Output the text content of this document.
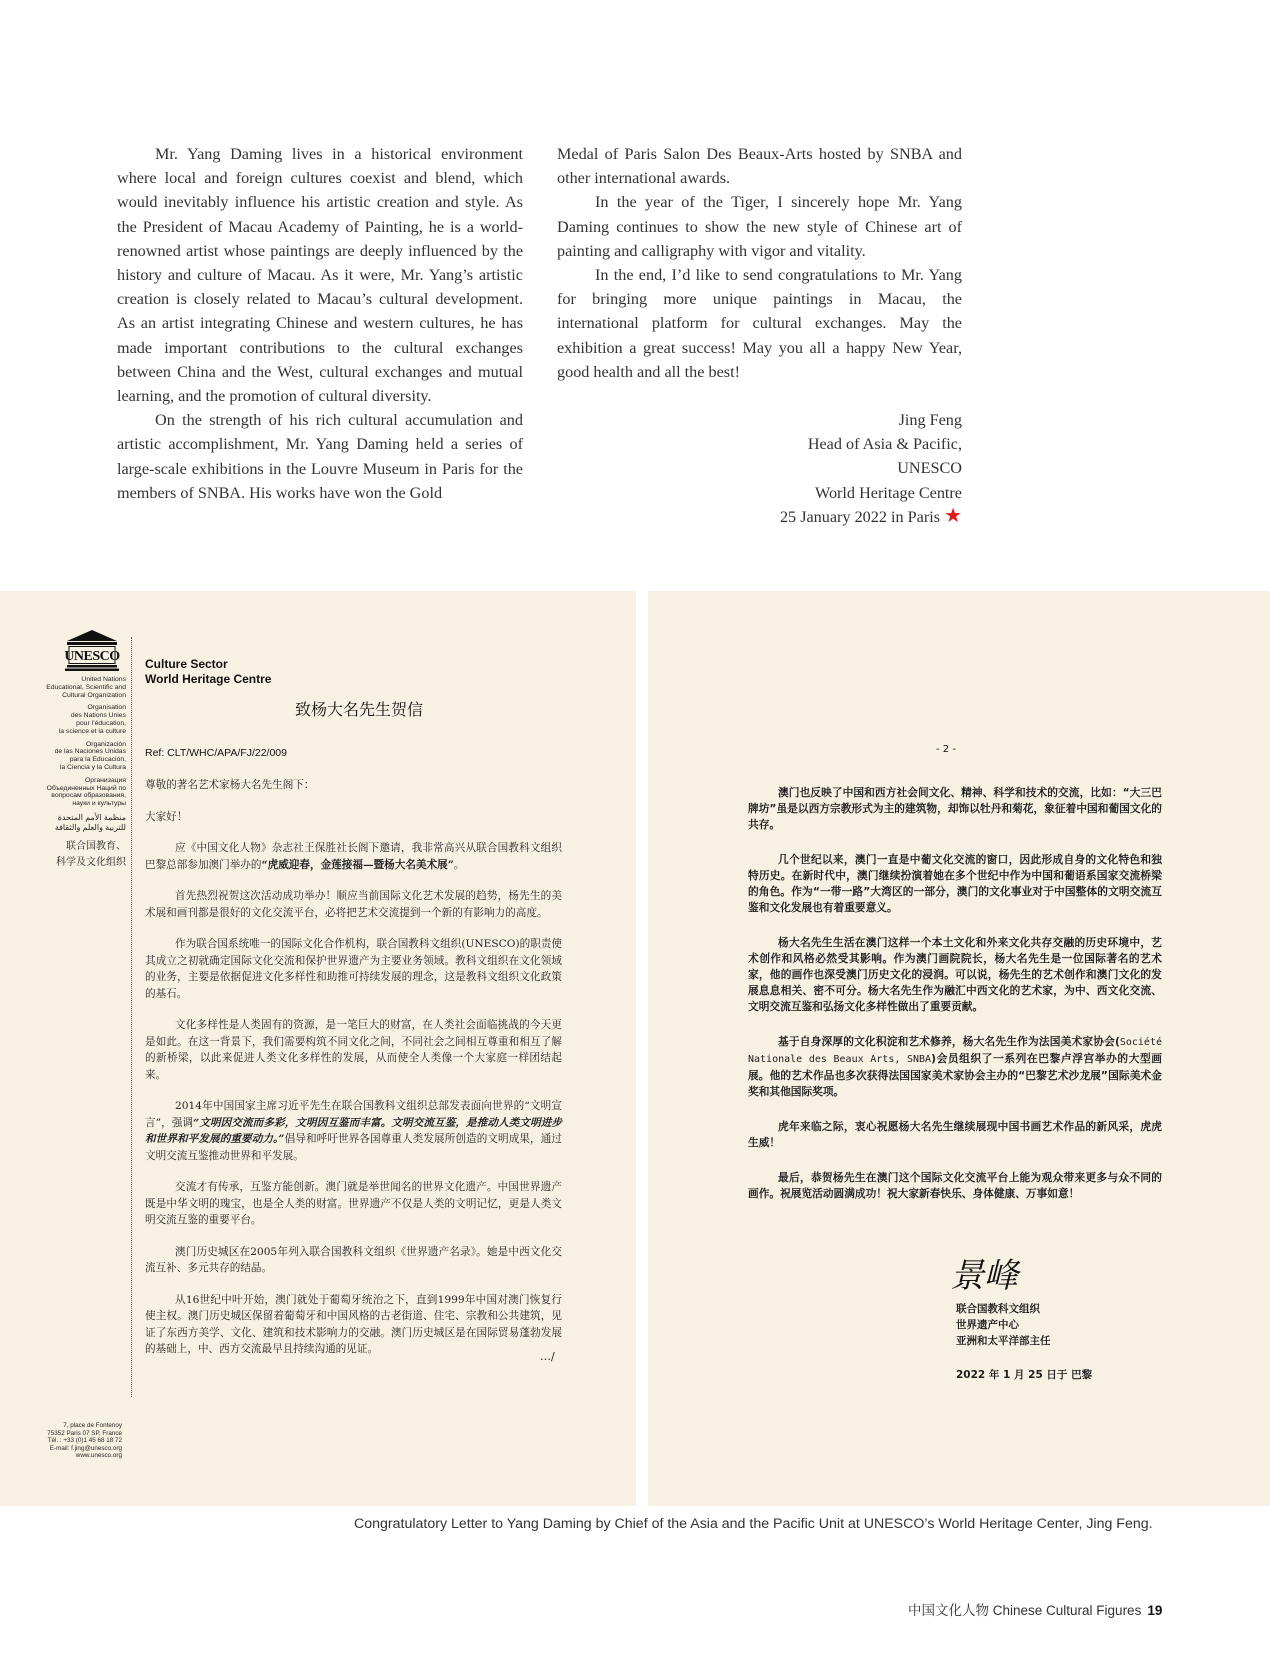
Mr. Yang Daming lives in a historical environment where local and foreign cultures coexist and blend, which would inevitably influence his artistic creation and style. As the President of Macau Academy of Painting, he is a world-renowned artist whose paintings are deeply influenced by the history and culture of Macau. As it were, Mr. Yang’s artistic creation is closely related to Macau’s cultural development. As an artist integrating Chinese and western cultures, he has made important contributions to the cultural exchanges between China and the West, cultural exchanges and mutual learning, and the promotion of cultural diversity.

On the strength of his rich cultural accumulation and artistic accomplishment, Mr. Yang Daming held a series of large-scale exhibitions in the Louvre Museum in Paris for the members of SNBA. His works have won the Gold

Medal of Paris Salon Des Beaux-Arts hosted by SNBA and other international awards.

In the year of the Tiger, I sincerely hope Mr. Yang Daming continues to show the new style of Chinese art of painting and calligraphy with vigor and vitality.

In the end, I’d like to send congratulations to Mr. Yang for bringing more unique paintings in Macau, the international platform for cultural exchanges. May the exhibition a great success! May you all a happy New Year, good health and all the best!

Jing Feng
Head of Asia & Pacific,
UNESCO
World Heritage Centre
25 January 2022 in Paris ★
UNESCO
United Nations
Educational, Scientific and
Cultural Organization
Organisation
des Nations Unies
pour l’éducation,
la science et la culture
Organización
de las Naciones Unidas
para la Educación,
la Ciencia y la Cultura
Организация
Объединенных Наций по
вопросам образования,
науки и культуры
منظمة الأمم المتحدة
للتربية والعلم والثقافة
联合国教育、
科学及文化组织
Culture Sector
World Heritage Centre
致杨大名先生贺信
Ref: CLT/WHC/APA/FJ/22/009

尊敬的著名艺术家杨大名先生阁下：

大家好！

应《中国文化人物》杂志社王保胜社长阁下邀请，我非常高兴从联合国教科文组织巴黎总部参加澳门举办的“虎威迎春，金莲接福—暨杨大名美术展”。

首先热烈祝贺这次活动成功举办！顺应当前国际文化艺术发展的趋势，杨先生的美术展和画刊都是很好的文化交流平台，必将把艺术交流提到一个新的有影响力的高度。

作为联合国系统唯一的国际文化合作机构，联合国教科文组织(UNESCO)的职责使其成立之初就确定国际文化交流和保护世界遗产为主要业务领域。教科文组织在文化领域的业务，主要是依据促进文化多样性和助推可持续发展的理念，这是教科文组织文化政策的基石。

文化多样性是人类固有的资源，是一笔巨大的财富，在人类社会面临挑战的今天更是如此。在这一背景下，我们需要构筑不同文化之间，不同社会之间相互尊重和相互了解的新桥梁，以此来促进人类文化多样性的发展，从而使全人类像一个大家庭一样团结起来。

2014年中国国家主席习近平先生在联合国教科文组织总部发表面向世界的“文明宣言”，强调“文明因交流而多彩，文明因互鉴而丰富。文明交流互鉴，是推动人类文明进步和世界和平发展的重要动力。”倡导和呼吁世界各国尊重人类发展所创造的文明成果，通过文明交流互鉴推动世界和平发展。

交流才有传承，互鉴方能创新。澳门就是举世闻名的世界文化遗产。中国世界遗产既是中华文明的瑰宝，也是全人类的财富。世界遗产不仅是人类的文明记忆，更是人类文明交流互鉴的重要平台。

澳门历史城区在2005年列入联合国教科文组织《世界遗产名录》。她是中西文化交流互补、多元共存的结晶。

从16世纪中叶开始，澳门就处于葡萄牙统治之下，直到1999年中国对澳门恢复行使主权。澳门历史城区保留着葡萄牙和中国风格的古老街道、住宅、宗教和公共建筑，见证了东西方美学、文化、建筑和技术影响力的交融。澳门历史城区是在国际贸易蓬勃发展的基础上，中、西方交流最早且持续沟通的见证。

…/
7, place de Fontenoy
75352 Paris 07 SP, France
Tél. : +33 (0)1 45 68 18 72
E-mail: f.jing@unesco.org
www.unesco.org
- 2 -

澳门也反映了中国和西方社会间文化、精神、科学和技术的交流，比如：“大三巴牌坊”虽是以西方宗教形式为主的建筑物，却饰以牡丹和菊花，象征着中国和葡国文化的共存。

几个世纪以来，澳门一直是中葡文化交流的窗口，因此形成自身的文化特色和独特历史。在新时代中，澳门继续扮演着她在多个世纪中作为中国和葡语系国家交流桥梁的角色。作为“一带一路”大湾区的一部分，澳门的文化事业对于中国整体的文明交流互鉴和文化发展也有着重要意义。

杨大名先生生活在澳门这样一个本土文化和外来文化共存交融的历史环境中，艺术创作和风格必然受其影响。作为澳门画院院长，杨大名先生是一位国际著名的艺术家，他的画作也深受澳门历史文化的浸润。可以说，杨先生的艺术创作和澳门文化的发展息息相关、密不可分。杨大名先生作为融汇中西文化的艺术家，为中、西文化交流、文明交流互鉴和弘扬文化多样性做出了重要贡献。

基于自身深厚的文化积淀和艺术修养，杨大名先生作为法国美术家协会(Société Nationale des Beaux Arts, SNBA)会员组织了一系列在巴黎卢浮宫举办的大型画展。他的艺术作品也多次获得法国国家美术家协会主办的“巴黎艺术沙龙展”国际美术金奖和其他国际奖项。

虎年来临之际，衷心祝愿杨大名先生继续展现中国书画艺术作品的新风采，虎虎生威！

最后，恭贺杨先生在澳门这个国际文化交流平台上能为观众带来更多与众不同的画作。祝展览活动圆满成功！祝大家新春快乐、身体健康、万事如意！

景峰
联合国教科文组织
世界遗产中心
亚洲和太平洋部主任
2022 年 1 月 25 日于 巴黎
Congratulatory Letter to Yang Daming by Chief of the Asia and the Pacific Unit at UNESCO’s World Heritage Center, Jing Feng.
中国文化人物 Chinese Cultural Figures 19
